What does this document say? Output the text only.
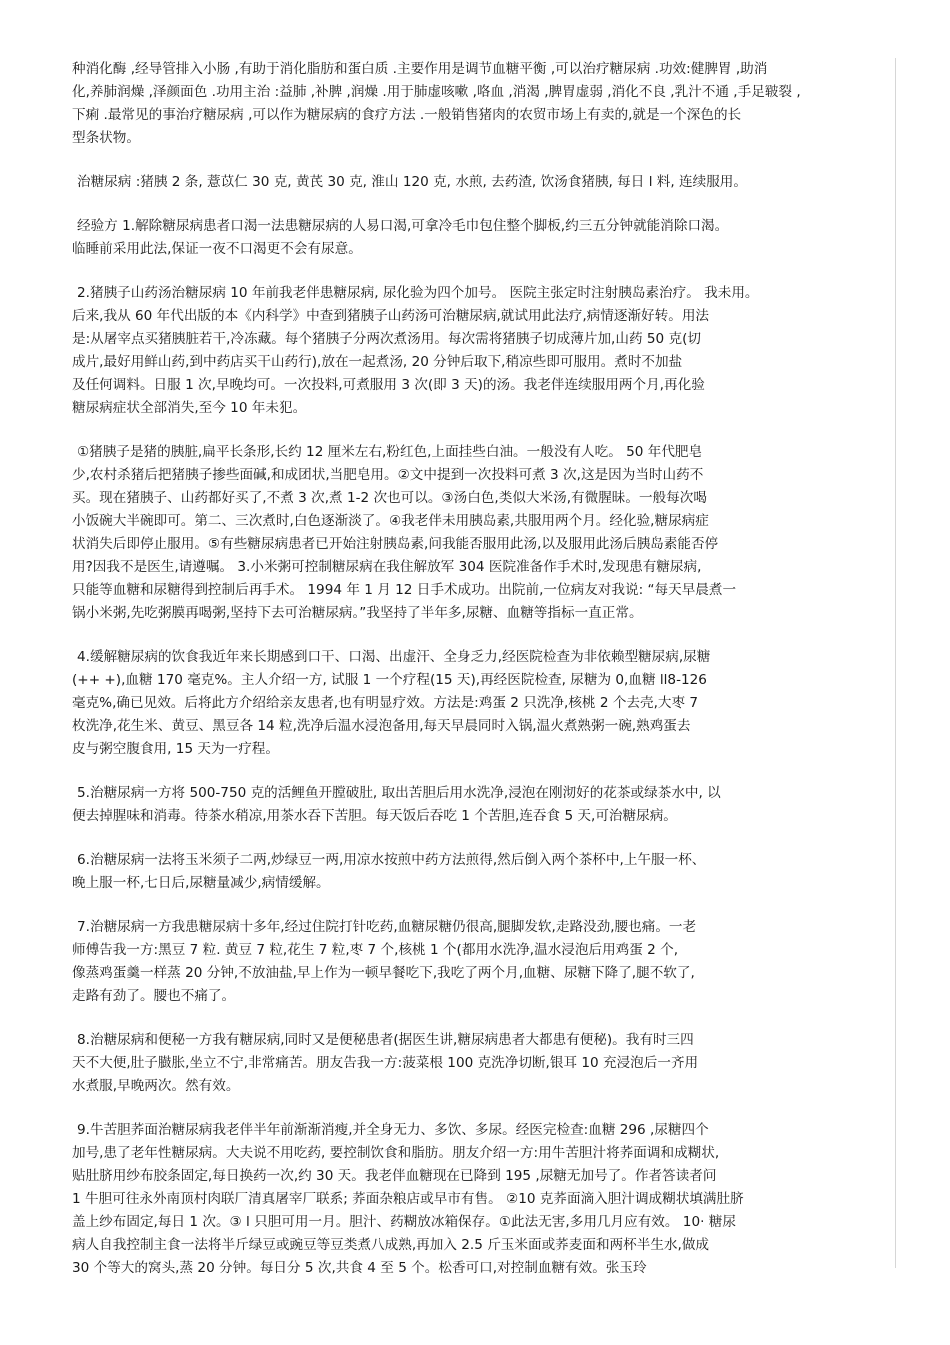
种消化酶 ,经导管排入小肠 ,有助于消化脂肪和蛋白质 .主要作用是调节血糖平衡 ,可以治疗糖尿病 .功效:健脾胃 ,助消

化,养肺润燥 ,泽颜面色 .功用主治 :益肺 ,补脾 ,润燥 .用于肺虚咳嗽 ,咯血 ,消渴 ,脾胃虚弱 ,消化不良 ,乳汁不通 ,手足皲裂 ,

下痢 .最常见的事治疗糖尿病 ,可以作为糖尿病的食疗方法 .一般销售猪肉的农贸市场上有卖的,就是一个深色的长

型条状物。

治糖尿病 :猪胰 2 条, 薏苡仁 30 克, 黄芪 30 克, 淮山 120 克, 水煎, 去药渣, 饮汤食猪胰, 每日 l 料, 连续服用。

经验方 1.解除糖尿病患者口渴一法患糖尿病的人易口渴,可拿冷毛巾包住整个脚板,约三五分钟就能消除口渴。

临睡前采用此法,保证一夜不口渴更不会有尿意。

2.猪胰子山药汤治糖尿病 10 年前我老伴患糖尿病, 尿化验为四个加号。 医院主张定时注射胰岛素治疗。 我未用。

后来,我从 60 年代出版的本《内科学》中查到猪胰子山药汤可治糖尿病,就试用此法疗,病情逐渐好转。用法

是:从屠宰点买猪胰脏若干,冷冻藏。每个猪胰子分两次煮汤用。每次需将猪胰子切成薄片加,山药 50 克(切

成片,最好用鲜山药,到中药店买干山药行),放在一起煮汤, 20 分钟后取下,稍凉些即可服用。煮时不加盐

及任何调料。日服 1 次,早晚均可。一次投料,可煮服用 3 次(即 3 天)的汤。我老伴连续服用两个月,再化验

糖尿病症状全部消失,至今 10 年未犯。

①猪胰子是猪的胰脏,扁平长条形,长约 12 厘米左右,粉红色,上面挂些白油。一般没有人吃。 50 年代肥皂

少,农村杀猪后把猪胰子掺些面碱,和成团状,当肥皂用。②文中提到一次投料可煮 3 次,这是因为当时山药不

买。现在猪胰子、山药都好买了,不煮 3 次,煮 1-2 次也可以。③汤白色,类似大米汤,有微腥昧。一般每次喝

小饭碗大半碗即可。第二、三次煮时,白色逐渐淡了。④我老伴未用胰岛素,共服用两个月。经化验,糖尿病症

状消失后即停止服用。⑤有些糖尿病患者已开始注射胰岛素,问我能否服用此汤,以及服用此汤后胰岛素能否停

用?因我不是医生,请遵嘱。 3.小米粥可控制糖尿病在我住解放军 304 医院准备作手术时,发现患有糖尿病,

只能等血糖和尿糖得到控制后再手术。 1994 年 1 月 12 日手术成功。出院前,一位病友对我说: “每天早晨煮一

锅小米粥,先吃粥膜再喝粥,坚持下去可治糖尿病。”我坚持了半年多,尿糖、血糖等指标一直正常。

4.缓解糖尿病的饮食我近年来长期感到口干、口渴、出虚汗、全身乏力,经医院检查为非依赖型糖尿病,尿糖

(++ +),血糖 170 毫克%。主人介绍一方, 试服 1 一个疗程(15 天),再经医院检查, 尿糖为 0,血糖 ll8-126

毫克%,确已见效。后将此方介绍给亲友患者,也有明显疗效。方法是:鸡蛋 2 只洗净,核桃 2 个去壳,大枣 7

枚洗净,花生米、黄豆、黑豆各 14 粒,洗净后温水浸泡备用,每天早晨同时入锅,温火煮熟粥一碗,熟鸡蛋去

皮与粥空腹食用, 15 天为一疗程。

5.治糖尿病一方将 500-750 克的活鲤鱼开膛破肚, 取出苦胆后用水洗净,浸泡在刚沏好的花茶或绿茶水中, 以

便去掉腥味和消毒。待茶水稍凉,用茶水吞下苦胆。每天饭后吞吃 1 个苦胆,连吞食 5 天,可治糖尿病。

6.治糖尿病一法将玉米须子二两,炒绿豆一两,用凉水按煎中药方法煎得,然后倒入两个茶杯中,上午服一杯、

晚上服一杯,七日后,尿糖量减少,病情缓解。

7.治糖尿病一方我患糖尿病十多年,经过住院打针吃药,血糖尿糖仍很高,腿脚发软,走路没劲,腰也痛。一老

师傅告我一方:黑豆 7 粒. 黄豆 7 粒,花生 7 粒,枣 7 个,核桃 1 个(都用水洗净,温水浸泡后用鸡蛋 2 个,

像蒸鸡蛋羹一样蒸 20 分钟,不放油盐,早上作为一顿早餐吃下,我吃了两个月,血糖、尿糖下降了,腿不软了,

走路有劲了。腰也不痛了。

8.治糖尿病和便秘一方我有糖尿病,同时又是便秘患者(据医生讲,糖尿病患者大都患有便秘)。我有时三四

天不大便,肚子臌胀,坐立不宁,非常痛苦。朋友告我一方:菠菜根 100 克洗净切断,银耳 10 充浸泡后一齐用

水煮服,早晚两次。然有效。

9.牛苦胆荞面治糖尿病我老伴半年前渐渐消瘦,并全身无力、多饮、多尿。经医完检查:血糖 296 ,尿糖四个

加号,患了老年性糖尿病。大夫说不用吃药, 要控制饮食和脂肪。朋友介绍一方:用牛苦胆汁将荞面调和成糊状,

贴肚脐用纱布胶条固定,每日换药一次,约 30 天。我老伴血糖现在已降到 195 ,尿糖无加号了。作者答读者问

1 牛胆可往永外南顶村肉联厂清真屠宰厂联系; 荞面杂粮店或早市有售。 ②10 克荞面滴入胆汁调成糊状填满肚脐

盖上纱布固定,每日 1 次。③ l 只胆可用一月。胆汁、药糊放冰箱保存。①此法无害,多用几月应有效。 10· 糖尿

病人自我控制主食一法将半斤绿豆或豌豆等豆类煮八成熟,再加入 2.5 斤玉米面或荞麦面和两杯半生水,做成

30 个等大的窝头,蒸 20 分钟。每日分 5 次,共食 4 至 5 个。松香可口,对控制血糖有效。张玉玲
